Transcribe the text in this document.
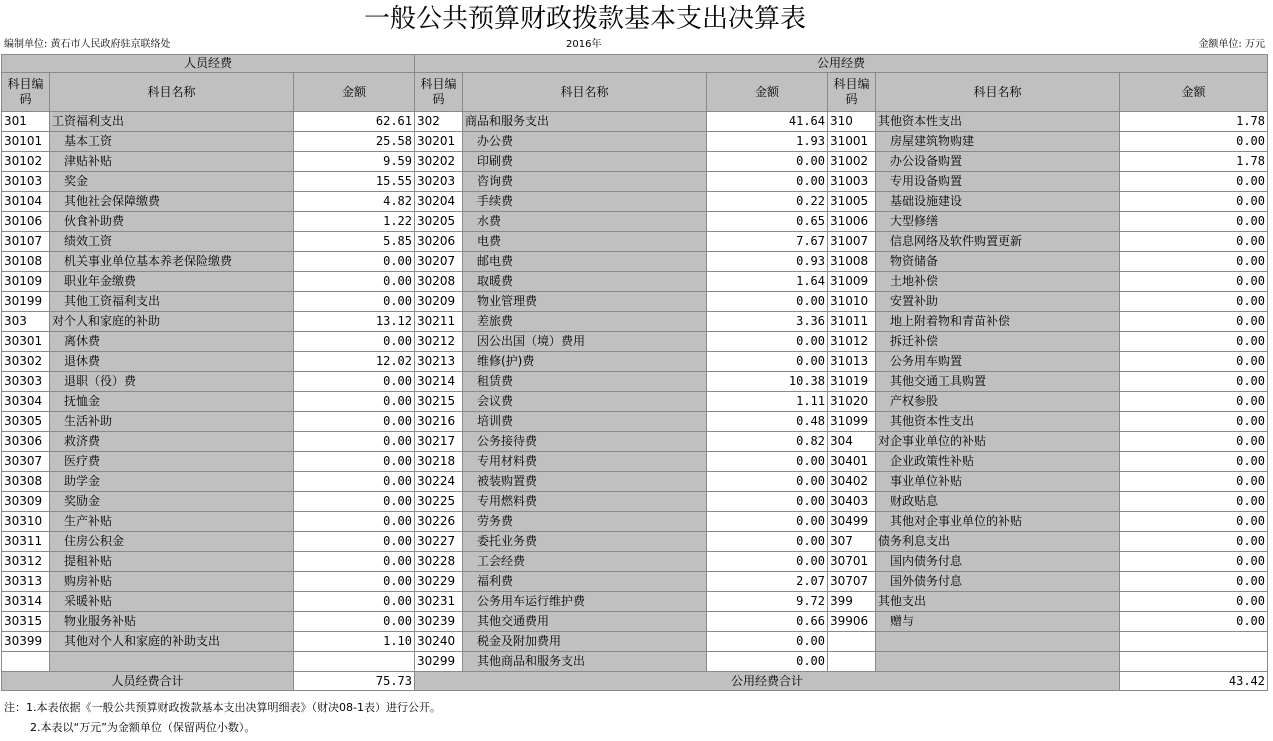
一般公共预算财政拨款基本支出决算表
编制单位: 黄石市人民政府驻京联络处	2016年	金额单位: 万元
人员经费			公用经费					
科目编码	科目名称	金额	科目编码	科目名称	金额	科目编码	科目名称	金额
301	工资福利支出	62.61	302	商品和服务支出	41.64	310	其他资本性支出	1.78
30101	基本工资	25.58	30201	办公费	1.93	31001	房屋建筑物购建	0.00
30102	津贴补贴	9.59	30202	印刷费	0.00	31002	办公设备购置	1.78
30103	奖金	15.55	30203	咨询费	0.00	31003	专用设备购置	0.00
30104	其他社会保障缴费	4.82	30204	手续费	0.22	31005	基础设施建设	0.00
30106	伙食补助费	1.22	30205	水费	0.65	31006	大型修缮	0.00
30107	绩效工资	5.85	30206	电费	7.67	31007	信息网络及软件购置更新	0.00
30108	机关事业单位基本养老保险缴费	0.00	30207	邮电费	0.93	31008	物资储备	0.00
30109	职业年金缴费	0.00	30208	取暖费	1.64	31009	土地补偿	0.00
30199	其他工资福利支出	0.00	30209	物业管理费	0.00	31010	安置补助	0.00
303	对个人和家庭的补助	13.12	30211	差旅费	3.36	31011	地上附着物和青苗补偿	0.00
30301	离休费	0.00	30212	因公出国（境）费用	0.00	31012	拆迁补偿	0.00
30302	退休费	12.02	30213	维修(护)费	0.00	31013	公务用车购置	0.00
30303	退职（役）费	0.00	30214	租赁费	10.38	31019	其他交通工具购置	0.00
30304	抚恤金	0.00	30215	会议费	1.11	31020	产权参股	0.00
30305	生活补助	0.00	30216	培训费	0.48	31099	其他资本性支出	0.00
30306	救济费	0.00	30217	公务接待费	0.82	304	对企事业单位的补贴	0.00
30307	医疗费	0.00	30218	专用材料费	0.00	30401	企业政策性补贴	0.00
30308	助学金	0.00	30224	被装购置费	0.00	30402	事业单位补贴	0.00
30309	奖励金	0.00	30225	专用燃料费	0.00	30403	财政贴息	0.00
30310	生产补贴	0.00	30226	劳务费	0.00	30499	其他对企事业单位的补贴	0.00
30311	住房公积金	0.00	30227	委托业务费	0.00	307	债务利息支出	0.00
30312	提租补贴	0.00	30228	工会经费	0.00	30701	国内债务付息	0.00
30313	购房补贴	0.00	30229	福利费	2.07	30707	国外债务付息	0.00
30314	采暖补贴	0.00	30231	公务用车运行维护费	9.72	399	其他支出	0.00
30315	物业服务补贴	0.00	30239	其他交通费用	0.66	39906	赠与	0.00
30399	其他对个人和家庭的补助支出	1.10	30240	税金及附加费用	0.00			
			30299	其他商品和服务支出	0.00			
人员经费合计		75.73	公用经费合计					43.42
注：1.本表依据《一般公共预算财政拨款基本支出决算明细表》（财决08-1表）进行公开。
2.本表以“万元”为金额单位（保留两位小数）。
